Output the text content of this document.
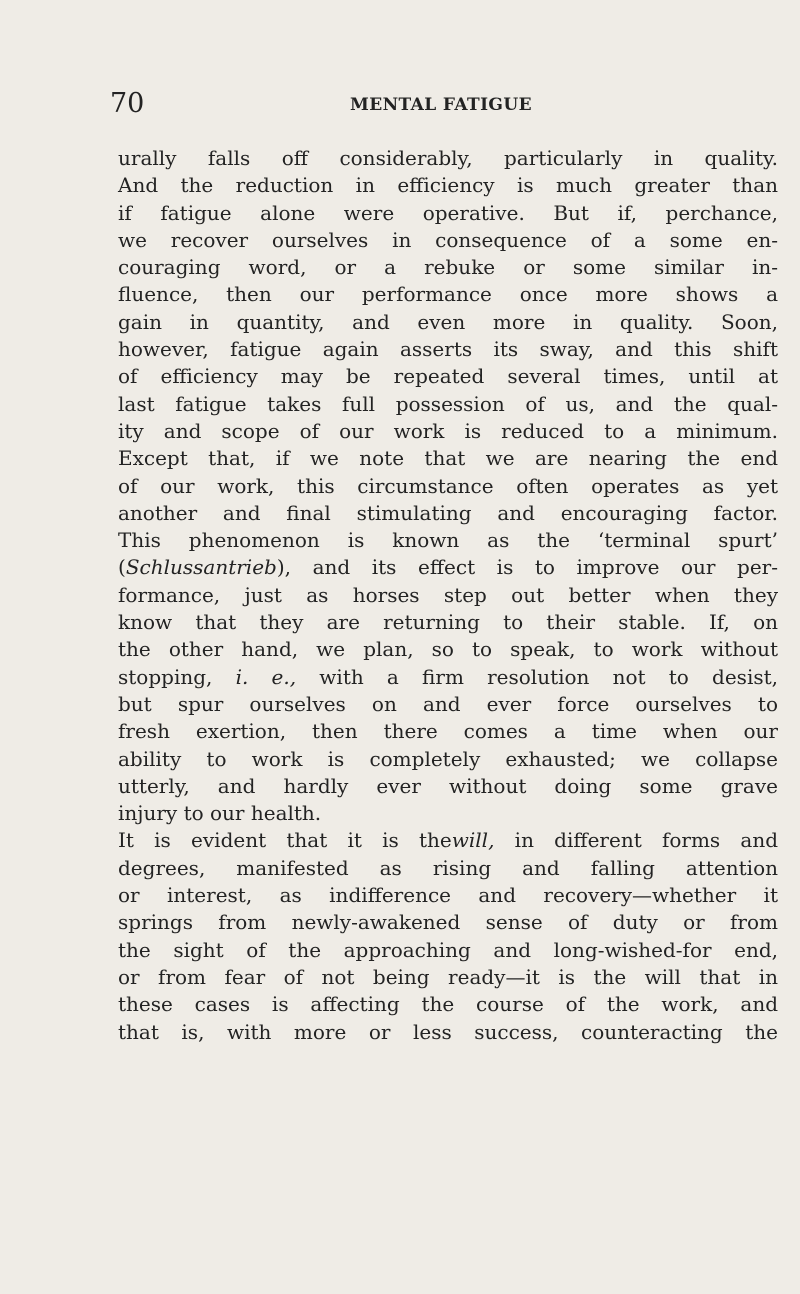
70	MENTAL FATIGUE
urally falls off considerably, particularly in quality.
And the reduction in efficiency is much greater than
if fatigue alone were operative. But if, perchance,
we recover ourselves in consequence of a some en-
couraging word, or a rebuke or some similar in-
fluence, then our performance once more shows a
gain in quantity, and even more in quality. Soon,
however, fatigue again asserts its sway, and this shift
of efficiency may be repeated several times, until at
last fatigue takes full possession of us, and the qual-
ity and scope of our work is reduced to a minimum.
Except that, if we note that we are nearing the end
of our work, this circumstance often operates as yet
another and final stimulating and encouraging factor.
This phenomenon is known as the ‘terminal spurt’
(Schlussantrieb), and its effect is to improve our per-
formance, just as horses step out better when they
know that they are returning to their stable. If, on
the other hand, we plan, so to speak, to work without
stopping, i. e., with a firm resolution not to desist,
but spur ourselves on and ever force ourselves to
fresh exertion, then there comes a time when our
ability to work is completely exhausted; we collapse
utterly, and hardly ever without doing some grave
injury to our health.
It is evident that it is thewill, in different forms and
degrees, manifested as rising and falling attention
or interest, as indifference and recovery—whether it
springs from newly-awakened sense of duty or from
the sight of the approaching and long-wished-for end,
or from fear of not being ready—it is the will that in
these cases is affecting the course of the work, and
that is, with more or less success, counteracting the
